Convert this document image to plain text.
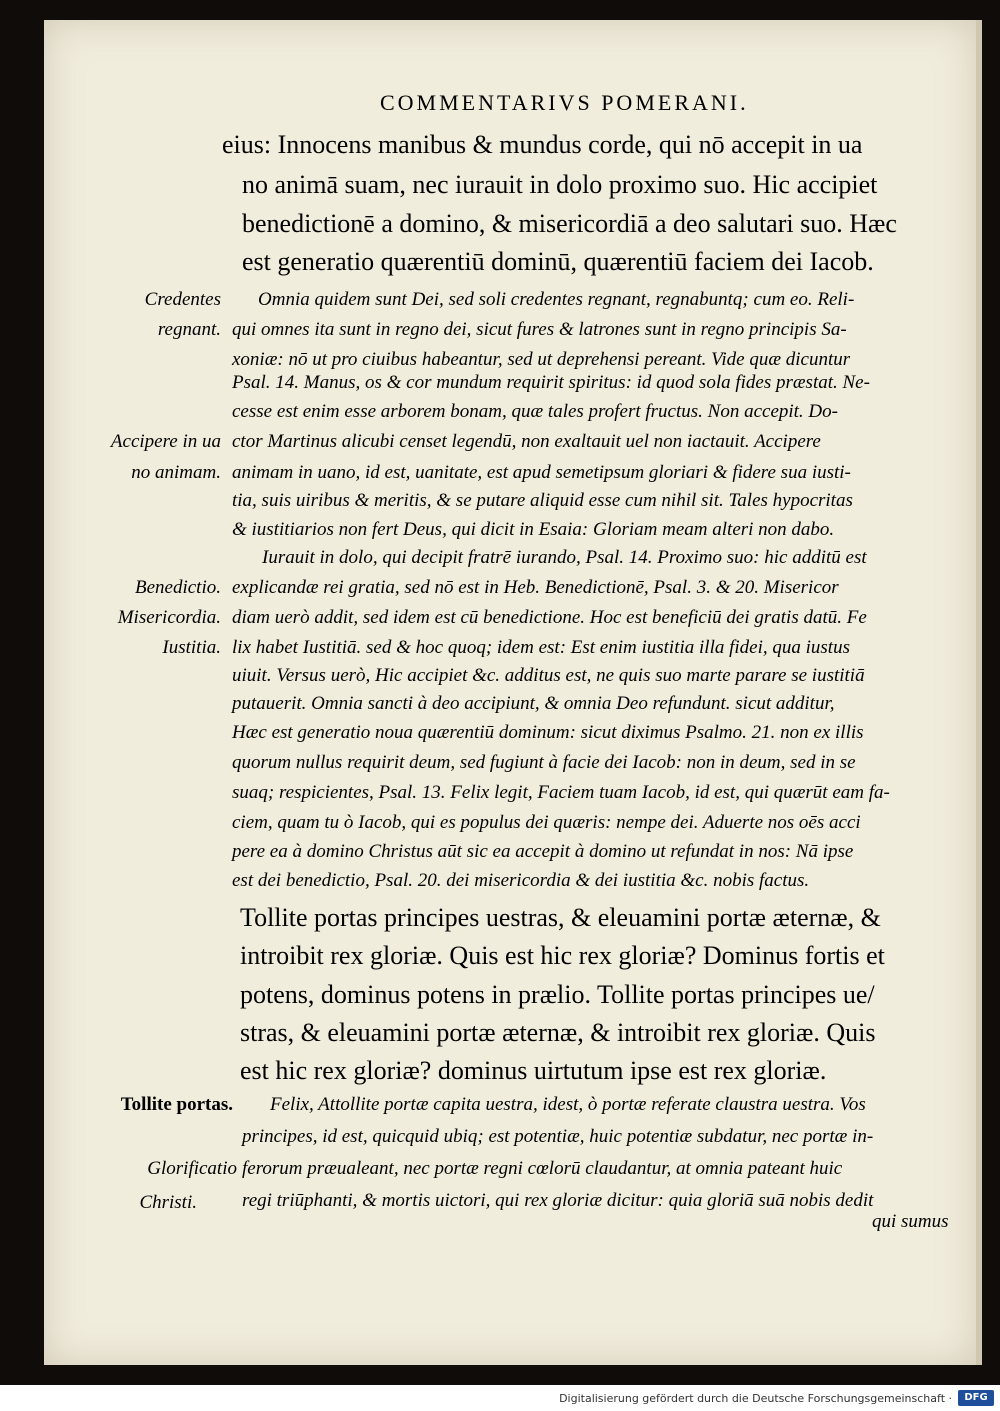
COMMENTARIVS POMERANI.
eius: Innocens manibus & mundus corde, qui nō accepit in ua
no animā suam, nec iurauit in dolo proximo suo. Hic accipiet
benedictionē a domino, & misericordiā a deo salutari suo. Hæc
est generatio quærentiū dominū, quærentiū faciem dei Iacob.
Credentes
regnant.
Accipere in ua
no animam.
Benedictio.
Misericordia.
Iustitia.
Tollite portas.
Glorificatio
Christi.
Omnia quidem sunt Dei, sed soli credentes regnant, regnabuntq; cum eo. Reli-
qui omnes ita sunt in regno dei, sicut fures & latrones sunt in regno principis Sa-
xoniæ: nō ut pro ciuibus habeantur, sed ut deprehensi pereant. Vide quæ dicuntur
Psal. 14. Manus, os & cor mundum requirit spiritus: id quod sola fides præstat. Ne-
cesse est enim esse arborem bonam, quæ tales profert fructus. Non accepit. Do-
ctor Martinus alicubi censet legendū, non exaltauit uel non iactauit. Accipere
animam in uano, id est, uanitate, est apud semetipsum gloriari & fidere sua iusti-
tia, suis uiribus & meritis, & se putare aliquid esse cum nihil sit. Tales hypocritas
& iustitiarios non fert Deus, qui dicit in Esaia: Gloriam meam alteri non dabo.
Iurauit in dolo, qui decipit fratrē iurando, Psal. 14. Proximo suo: hic additū est
explicandæ rei gratia, sed nō est in Heb. Benedictionē, Psal. 3. & 20. Misericor
diam uerò addit, sed idem est cū benedictione. Hoc est beneficiū dei gratis datū. Fe
lix habet Iustitiā. sed & hoc quoq; idem est: Est enim iustitia illa fidei, qua iustus
uiuit. Versus uerò, Hic accipiet &c. additus est, ne quis suo marte parare se iustitiā
putauerit. Omnia sancti à deo accipiunt, & omnia Deo refundunt. sicut additur,
Hæc est generatio noua quærentiū dominum: sicut diximus Psalmo. 21. non ex illis
quorum nullus requirit deum, sed fugiunt à facie dei Iacob: non in deum, sed in se
suaq; respicientes, Psal. 13. Felix legit, Faciem tuam Iacob, id est, qui quærūt eam fa-
ciem, quam tu ò Iacob, qui es populus dei quæris: nempe dei. Aduerte nos oēs acci
pere ea à domino Christus aūt sic ea accepit à domino ut refundat in nos: Nā ipse
est dei benedictio, Psal. 20. dei misericordia & dei iustitia &c. nobis factus.
Tollite portas principes uestras, & eleuamini portæ æternæ, &
introibit rex gloriæ. Quis est hic rex gloriæ? Dominus fortis et
potens, dominus potens in prælio. Tollite portas principes ue/
stras, & eleuamini portæ æternæ, & introibit rex gloriæ. Quis
est hic rex gloriæ? dominus uirtutum ipse est rex gloriæ.
Felix, Attollite portæ capita uestra, idest, ò portæ referate claustra uestra. Vos
principes, id est, quicquid ubiq; est potentiæ, huic potentiæ subdatur, nec portæ in-
ferorum præualeant, nec portæ regni cœlorū claudantur, at omnia pateant huic
regi triūphanti, & mortis uictori, qui rex gloriæ dicitur: quia gloriā suā nobis dedit
qui sumus
Digitalisierung gefördert durch die Deutsche Forschungsgemeinschaft ·	DFG
